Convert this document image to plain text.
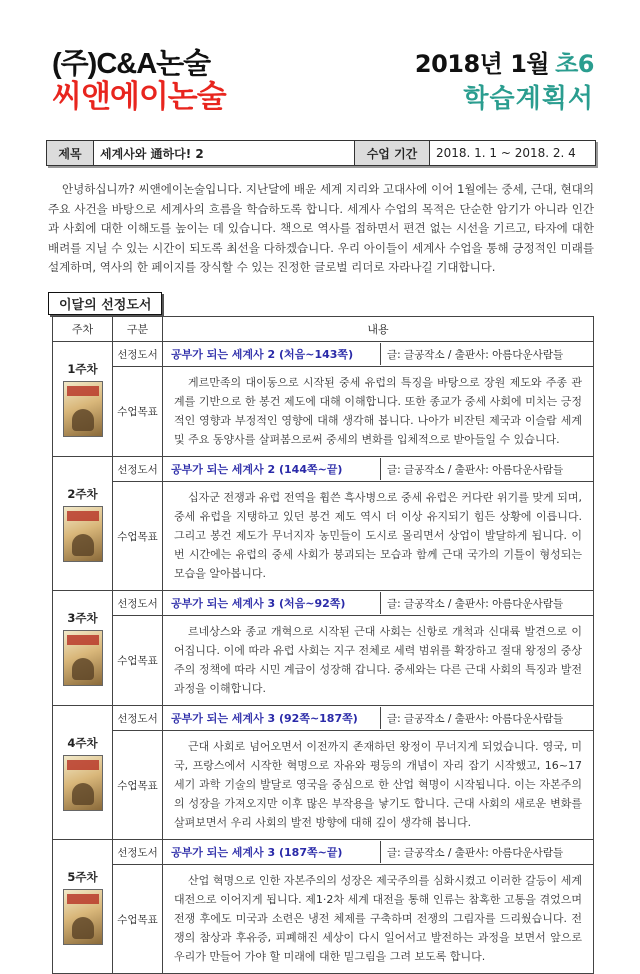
(주)C&A논술
씨앤에이논술
2018년 1월 초6
학습계획서
제목	세계사와 通하다! 2	수업 기간	2018. 1. 1 ~ 2018. 2. 4
안녕하십니까? 씨앤에이논술입니다. 지난달에 배운 세계 지리와 고대사에 이어 1월에는 중세, 근대, 현대의 주요 사건을 바탕으로 세계사의 흐름을 학습하도록 합니다. 세계사 수업의 목적은 단순한 암기가 아니라 인간과 사회에 대한 이해도를 높이는 데 있습니다. 책으로 역사를 접하면서 편견 없는 시선을 기르고, 타자에 대한 배려를 지닐 수 있는 시간이 되도록 최선을 다하겠습니다. 우리 아이들이 세계사 수업을 통해 긍정적인 미래를 설계하며, 역사의 한 페이지를 장식할 수 있는 진정한 글로벌 리더로 자라나길 기대합니다.
이달의 선정도서
주차	구분	내용

1주차	선정도서	공부가 되는 세계사 2 (처음~143쪽) 글: 글공작소 / 출판사: 아름다운사람들

	수업목표	게르만족의 대이동으로 시작된 중세 유럽의 특징을 바탕으로 장원 제도와 주종 관계를 기반으로 한 봉건 제도에 대해 이해합니다. 또한 종교가 중세 사회에 미치는 긍정적인 영향과 부정적인 영향에 대해 생각해 봅니다. 나아가 비잔틴 제국과 이슬람 세계 및 주요 동양사를 살펴봄으로써 중세의 변화를 입체적으로 받아들일 수 있습니다.

2주차	선정도서	공부가 되는 세계사 2 (144쪽~끝) 글: 글공작소 / 출판사: 아름다운사람들

	수업목표	십자군 전쟁과 유럽 전역을 휩쓴 흑사병으로 중세 유럽은 커다란 위기를 맞게 되며, 중세 유럽을 지탱하고 있던 봉건 제도 역시 더 이상 유지되기 힘든 상황에 이릅니다. 그리고 봉건 제도가 무너지자 농민들이 도시로 몰리면서 상업이 발달하게 됩니다. 이번 시간에는 유럽의 중세 사회가 붕괴되는 모습과 함께 근대 국가의 기틀이 형성되는 모습을 알아봅니다.

3주차	선정도서	공부가 되는 세계사 3 (처음~92쪽) 글: 글공작소 / 출판사: 아름다운사람들

	수업목표	르네상스와 종교 개혁으로 시작된 근대 사회는 신항로 개척과 신대륙 발견으로 이어집니다. 이에 따라 유럽 사회는 지구 전체로 세력 범위를 확장하고 절대 왕정의 중상주의 정책에 따라 시민 계급이 성장해 갑니다. 중세와는 다른 근대 사회의 특징과 발전 과정을 이해합니다.

4주차	선정도서	공부가 되는 세계사 3 (92쪽~187쪽) 글: 글공작소 / 출판사: 아름다운사람들

	수업목표	근대 사회로 넘어오면서 이전까지 존재하던 왕정이 무너지게 되었습니다. 영국, 미국, 프랑스에서 시작한 혁명으로 자유와 평등의 개념이 자리 잡기 시작했고, 16~17세기 과학 기술의 발달로 영국을 중심으로 한 산업 혁명이 시작됩니다. 이는 자본주의의 성장을 가져오지만 이후 많은 부작용을 낳기도 합니다. 근대 사회의 새로운 변화를 살펴보면서 우리 사회의 발전 방향에 대해 깊이 생각해 봅니다.

5주차	선정도서	공부가 되는 세계사 3 (187쪽~끝) 글: 글공작소 / 출판사: 아름다운사람들

	수업목표	산업 혁명으로 인한 자본주의의 성장은 제국주의를 심화시켰고 이러한 갈등이 세계 대전으로 이어지게 됩니다. 제1·2차 세계 대전을 통해 인류는 참혹한 고통을 겪었으며 전쟁 후에도 미국과 소련은 냉전 체제를 구축하며 전쟁의 그림자를 드리웠습니다. 전쟁의 참상과 후유증, 피폐해진 세상이 다시 일어서고 발전하는 과정을 보면서 앞으로 우리가 만들어 가야 할 미래에 대한 밑그림을 그려 보도록 합니다.
